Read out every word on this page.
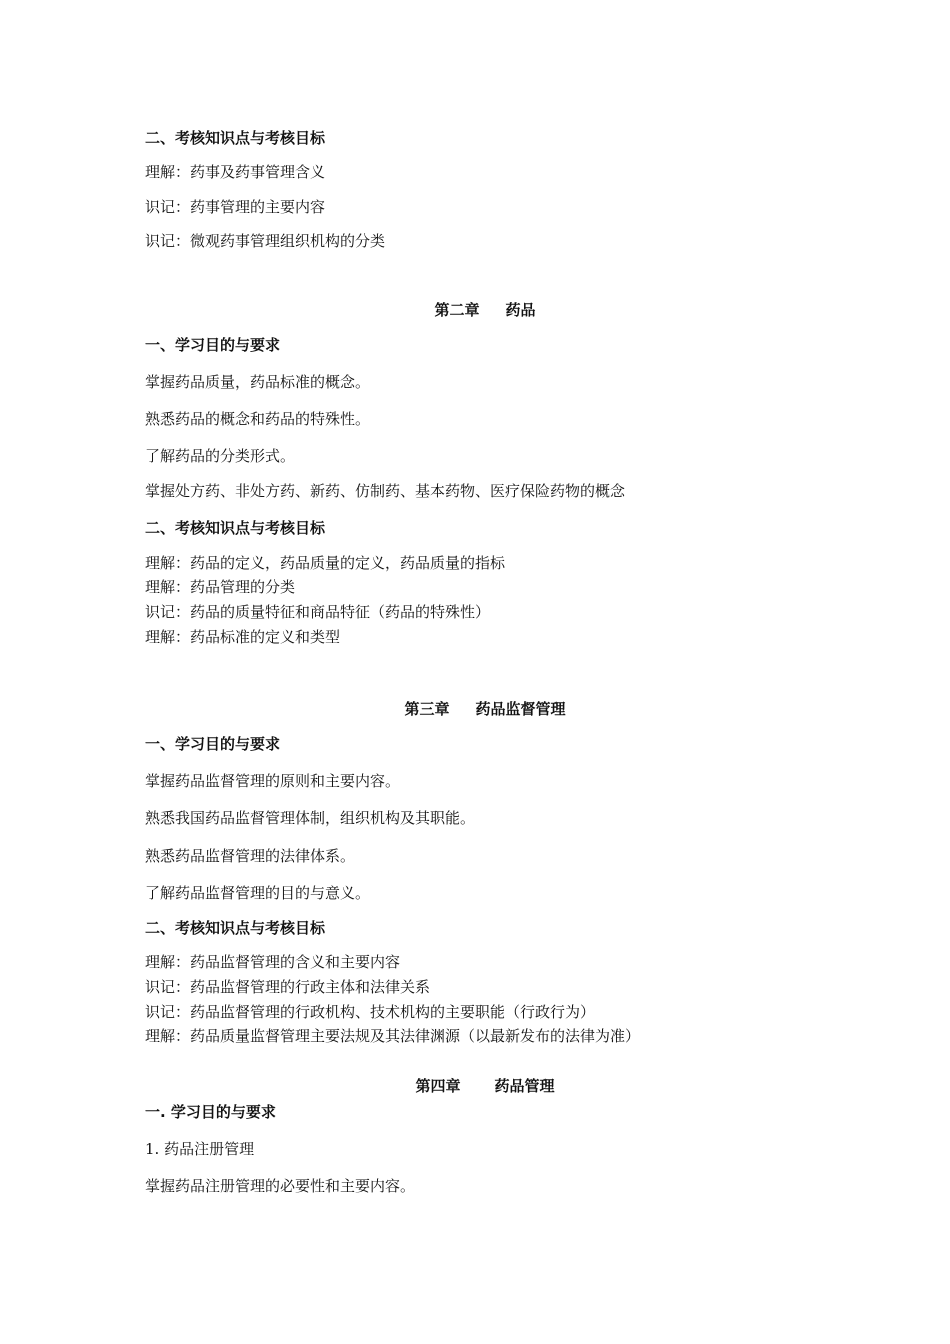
二、考核知识点与考核目标

理解：药事及药事管理含义

识记：药事管理的主要内容

识记：微观药事管理组织机构的分类

第二章 药品

一、学习目的与要求

掌握药品质量，药品标准的概念。

熟悉药品的概念和药品的特殊性。

了解药品的分类形式。

掌握处方药、非处方药、新药、仿制药、基本药物、医疗保险药物的概念

二、考核知识点与考核目标

理解：药品的定义，药品质量的定义，药品质量的指标

理解：药品管理的分类

识记：药品的质量特征和商品特征（药品的特殊性）

理解：药品标准的定义和类型

第三章 药品监督管理

一、学习目的与要求

掌握药品监督管理的原则和主要内容。

熟悉我国药品监督管理体制，组织机构及其职能。

熟悉药品监督管理的法律体系。

了解药品监督管理的目的与意义。

二、考核知识点与考核目标

理解：药品监督管理的含义和主要内容

识记：药品监督管理的行政主体和法律关系

识记：药品监督管理的行政机构、技术机构的主要职能（行政行为）

理解：药品质量监督管理主要法规及其法律渊源（以最新发布的法律为准）

第四章 药品管理

一. 学习目的与要求

1. 药品注册管理

掌握药品注册管理的必要性和主要内容。
